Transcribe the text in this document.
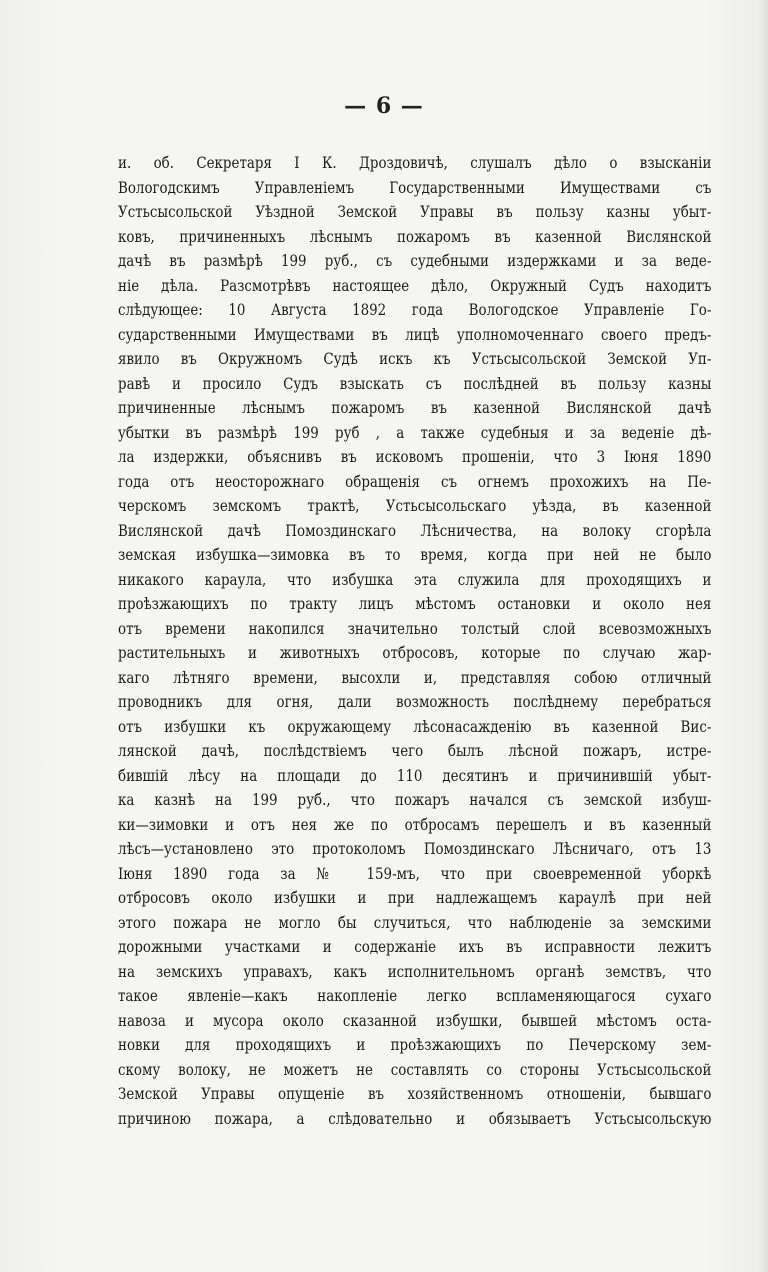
— 6 —
и. об. Секретаря I К. Дроздовичѣ, слушалъ дѣло о взысканіи
Вологодскимъ Управленіемъ Государственными Имуществами съ
Устьсысольской Уѣздной Земской Управы въ пользу казны убыт-
ковъ, причиненныхъ лѣснымъ пожаромъ въ казенной Вислянской
дачѣ въ размѣрѣ 199 руб., съ судебными издержками и за веде-
ніе дѣла. Разсмотрѣвъ настоящее дѣло, Окружный Судъ находитъ
слѣдующее: 10 Августа 1892 года Вологодское Управленіе Го-
сударственными Имуществами въ лицѣ уполномоченнаго своего предъ-
явило въ Окружномъ Судѣ искъ къ Устьсысольской Земской Уп-
равѣ и просило Судъ взыскать съ послѣдней въ пользу казны
причиненные лѣснымъ пожаромъ въ казенной Вислянской дачѣ
убытки въ размѣрѣ 199 руб , а также судебныя и за веденіе дѣ-
ла издержки, объяснивъ въ исковомъ прошеніи, что 3 Іюня 1890
года отъ неосторожнаго обращенія съ огнемъ прохожихъ на Пе-
черскомъ земскомъ трактѣ, Устьсысольскаго уѣзда, въ казенной
Вислянской дачѣ Помоздинскаго Лѣсничества, на волоку сгорѣла
земская избушка—зимовка въ то время, когда при ней не было
никакого караула, что избушка эта служила для проходящихъ и
проѣзжающихъ по тракту лицъ мѣстомъ остановки и около нея
отъ времени накопился значительно толстый слой всевозможныхъ
растительныхъ и животныхъ отбросовъ, которые по случаю жар-
каго лѣтняго времени, высохли и, представляя собою отличный
проводникъ для огня, дали возможность послѣднему перебраться
отъ избушки къ окружающему лѣсонасажденію въ казенной Вис-
лянской дачѣ, послѣдствіемъ чего былъ лѣсной пожаръ, истре-
бившій лѣсу на площади до 110 десятинъ и причинившій убыт-
ка казнѣ на 199 руб., что пожаръ начался съ земской избуш-
ки—зимовки и отъ нея же по отбросамъ перешелъ и въ казенный
лѣсъ—установлено это протоколомъ Помоздинскаго Лѣсничаго, отъ 13
Іюня 1890 года за № 159-мъ, что при своевременной уборкѣ
отбросовъ около избушки и при надлежащемъ караулѣ при ней
этого пожара не могло бы случиться, что наблюденіе за земскими
дорожными участками и содержаніе ихъ въ исправности лежитъ
на земскихъ управахъ, какъ исполнительномъ органѣ земствъ, что
такое явленіе—какъ накопленіе легко вспламеняющагося сухаго
навоза и мусора около сказанной избушки, бывшей мѣстомъ оста-
новки для проходящихъ и проѣзжающихъ по Печерскому зем-
скому волоку, не можетъ не составлять со стороны Устьсысольской
Земской Управы опущеніе въ хозяйственномъ отношеніи, бывшаго
причиною пожара, а слѣдовательно и обязываетъ Устьсысольскую
